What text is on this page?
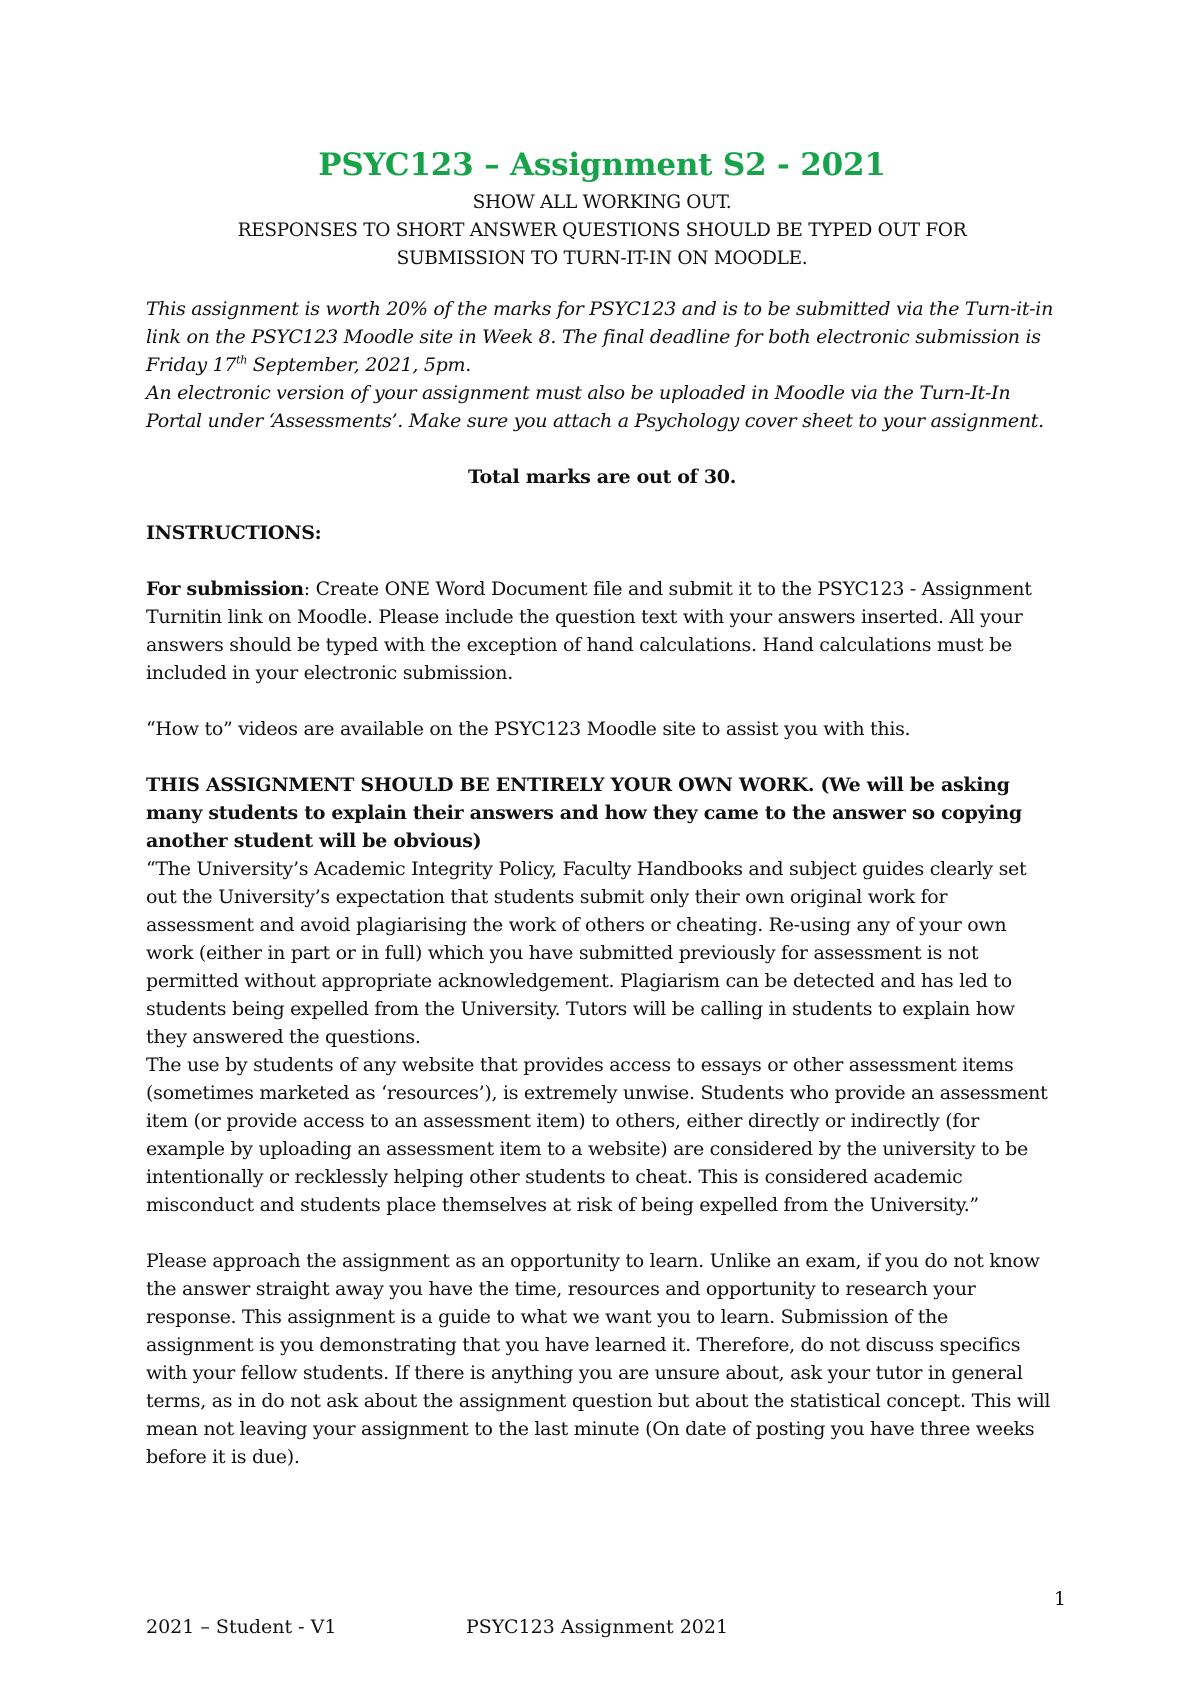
PSYC123 – Assignment S2 - 2021
SHOW ALL WORKING OUT.
RESPONSES TO SHORT ANSWER QUESTIONS SHOULD BE TYPED OUT FOR
SUBMISSION TO TURN-IT-IN ON MOODLE.

This assignment is worth 20% of the marks for PSYC123 and is to be submitted via the Turn-it-in link on the PSYC123 Moodle site in Week 8. The final deadline for both electronic submission is Friday 17th September, 2021, 5pm.

An electronic version of your assignment must also be uploaded in Moodle via the Turn-It-In Portal under ‘Assessments’. Make sure you attach a Psychology cover sheet to your assignment.

Total marks are out of 30.
INSTRUCTIONS:

For submission: Create ONE Word Document file and submit it to the PSYC123 - Assignment Turnitin link on Moodle. Please include the question text with your answers inserted. All your answers should be typed with the exception of hand calculations. Hand calculations must be included in your electronic submission.

“How to” videos are available on the PSYC123 Moodle site to assist you with this.

THIS ASSIGNMENT SHOULD BE ENTIRELY YOUR OWN WORK. (We will be asking many students to explain their answers and how they came to the answer so copying another student will be obvious)

“The University’s Academic Integrity Policy, Faculty Handbooks and subject guides clearly set out the University’s expectation that students submit only their own original work for assessment and avoid plagiarising the work of others or cheating. Re-using any of your own work (either in part or in full) which you have submitted previously for assessment is not permitted without appropriate acknowledgement. Plagiarism can be detected and has led to students being expelled from the University. Tutors will be calling in students to explain how they answered the questions.

The use by students of any website that provides access to essays or other assessment items (sometimes marketed as ‘resources’), is extremely unwise. Students who provide an assessment item (or provide access to an assessment item) to others, either directly or indirectly (for example by uploading an assessment item to a website) are considered by the university to be intentionally or recklessly helping other students to cheat. This is considered academic misconduct and students place themselves at risk of being expelled from the University.”

Please approach the assignment as an opportunity to learn. Unlike an exam, if you do not know the answer straight away you have the time, resources and opportunity to research your response. This assignment is a guide to what we want you to learn. Submission of the assignment is you demonstrating that you have learned it. Therefore, do not discuss specifics with your fellow students. If there is anything you are unsure about, ask your tutor in general terms, as in do not ask about the assignment question but about the statistical concept. This will mean not leaving your assignment to the last minute (On date of posting you have three weeks before it is due).

1
2021 – Student - V1	PSYC123 Assignment 2021
